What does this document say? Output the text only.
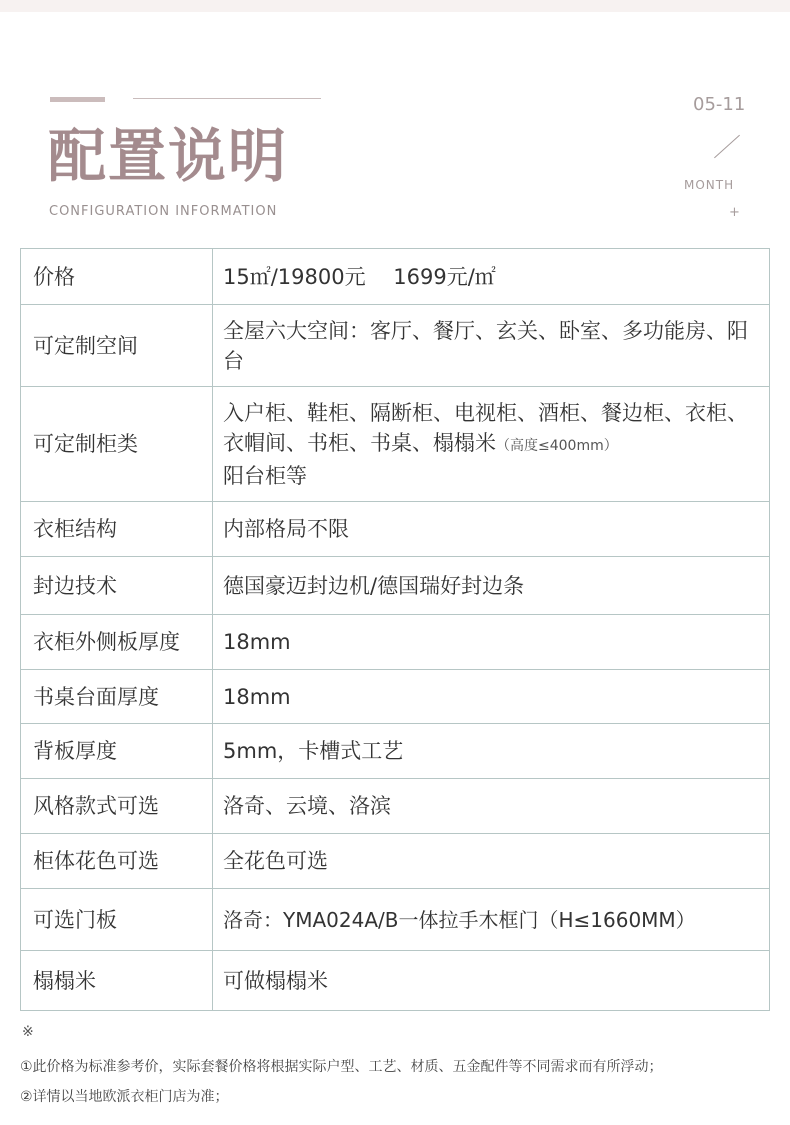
配置说明
CONFIGURATION INFORMATION
05-11
MONTH
+
价格	15㎡/19800元　 1699元/㎡
可定制空间	全屋六大空间：客厅、餐厅、玄关、卧室、多功能房、阳台
可定制柜类	入户柜、鞋柜、隔断柜、电视柜、酒柜、餐边柜、衣柜、衣帽间、书柜、书桌、榻榻米（高度≤400mm）
阳台柜等
衣柜结构	内部格局不限
封边技术	德国豪迈封边机/德国瑞好封边条
衣柜外侧板厚度	18mm
书桌台面厚度	18mm
背板厚度	5mm，卡槽式工艺
风格款式可选	洛奇、云境、洛滨
柜体花色可选	全花色可选
可选门板	洛奇：YMA024A/B一体拉手木框门（H≤1660MM）
榻榻米	可做榻榻米
※
①此价格为标准参考价，实际套餐价格将根据实际户型、工艺、材质、五金配件等不同需求而有所浮动；
②详情以当地欧派衣柜门店为准；
